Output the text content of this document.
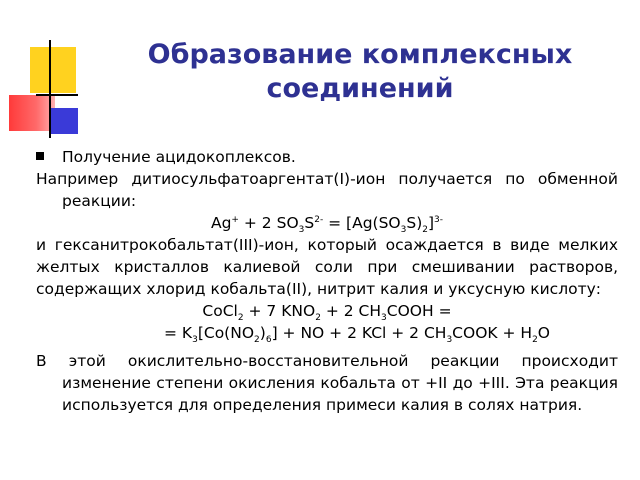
Образование комплексных соединений
Получение ацидокоплексов.

Например дитиосульфатоаргентат(I)-ион получается по обменной реакции:

Ag+ + 2 $SO_3S^{2-} = [Ag(SO_3S)_2]^{3-}$

и гексанитрокобальтат(III)-ион, который осаждается в виде мелких желтых кристаллов калиевой соли при смешивании растворов, содержащих хлорид кобальта(II), нитрит калия и уксусную кислоту:

CoCl$_2$ + 7 $KNO_2 + 2$ $CH_3COOH$ =

= $K_3[Co(NO_2)_6]$ + NO + 2 KCl + 2 $CH_3COOK + H_2O$

В этой окислительно-восстановительной реакции происходит изменение степени окисления кобальта от +II до +III. Эта реакция используется для определения примеси калия в солях натрия.
